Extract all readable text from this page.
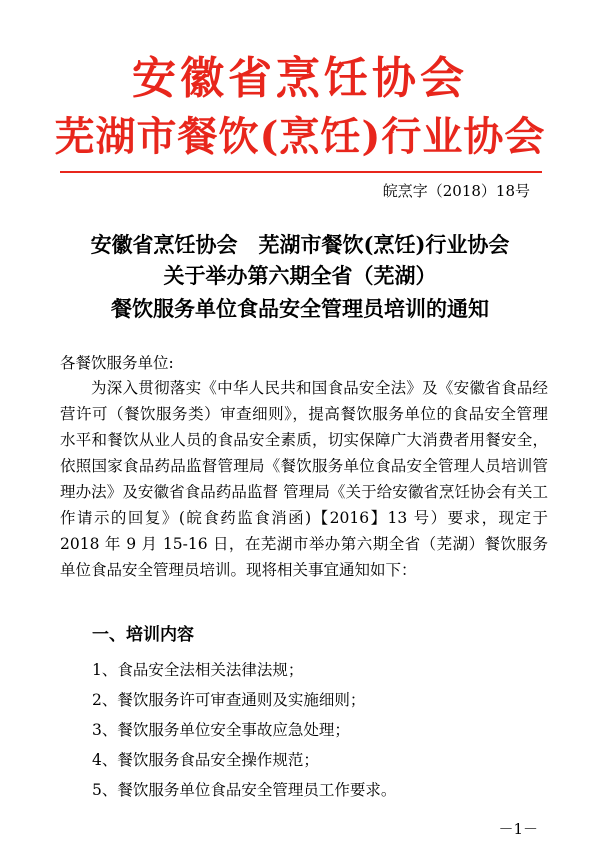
安徽省烹饪协会
芜湖市餐饮(烹饪)行业协会
皖烹字（2018）18号
安徽省烹饪协会　芜湖市餐饮(烹饪)行业协会
关于举办第六期全省（芜湖）
餐饮服务单位食品安全管理员培训的通知
各餐饮服务单位:
为深入贯彻落实《中华人民共和国食品安全法》及《安徽省食品经营许可（餐饮服务类）审查细则》，提高餐饮服务单位的食品安全管理水平和餐饮从业人员的食品安全素质，切实保障广大消费者用餐安全，依照国家食品药品监督管理局《餐饮服务单位食品安全管理人员培训管理办法》及安徽省食品药品监督 管理局《关于给安徽省烹饪协会有关工作请示的回复》(皖食药监食消函)【2016】13 号）要求，现定于 2018 年 9 月 15-16 日，在芜湖市举办第六期全省（芜湖）餐饮服务单位食品安全管理员培训。现将相关事宜通知如下：
一、培训内容
1、食品安全法相关法律法规；
2、餐饮服务许可审查通则及实施细则；
3、餐饮服务单位安全事故应急处理；
4、餐饮服务食品安全操作规范；
5、餐饮服务单位食品安全管理员工作要求。
－1－
